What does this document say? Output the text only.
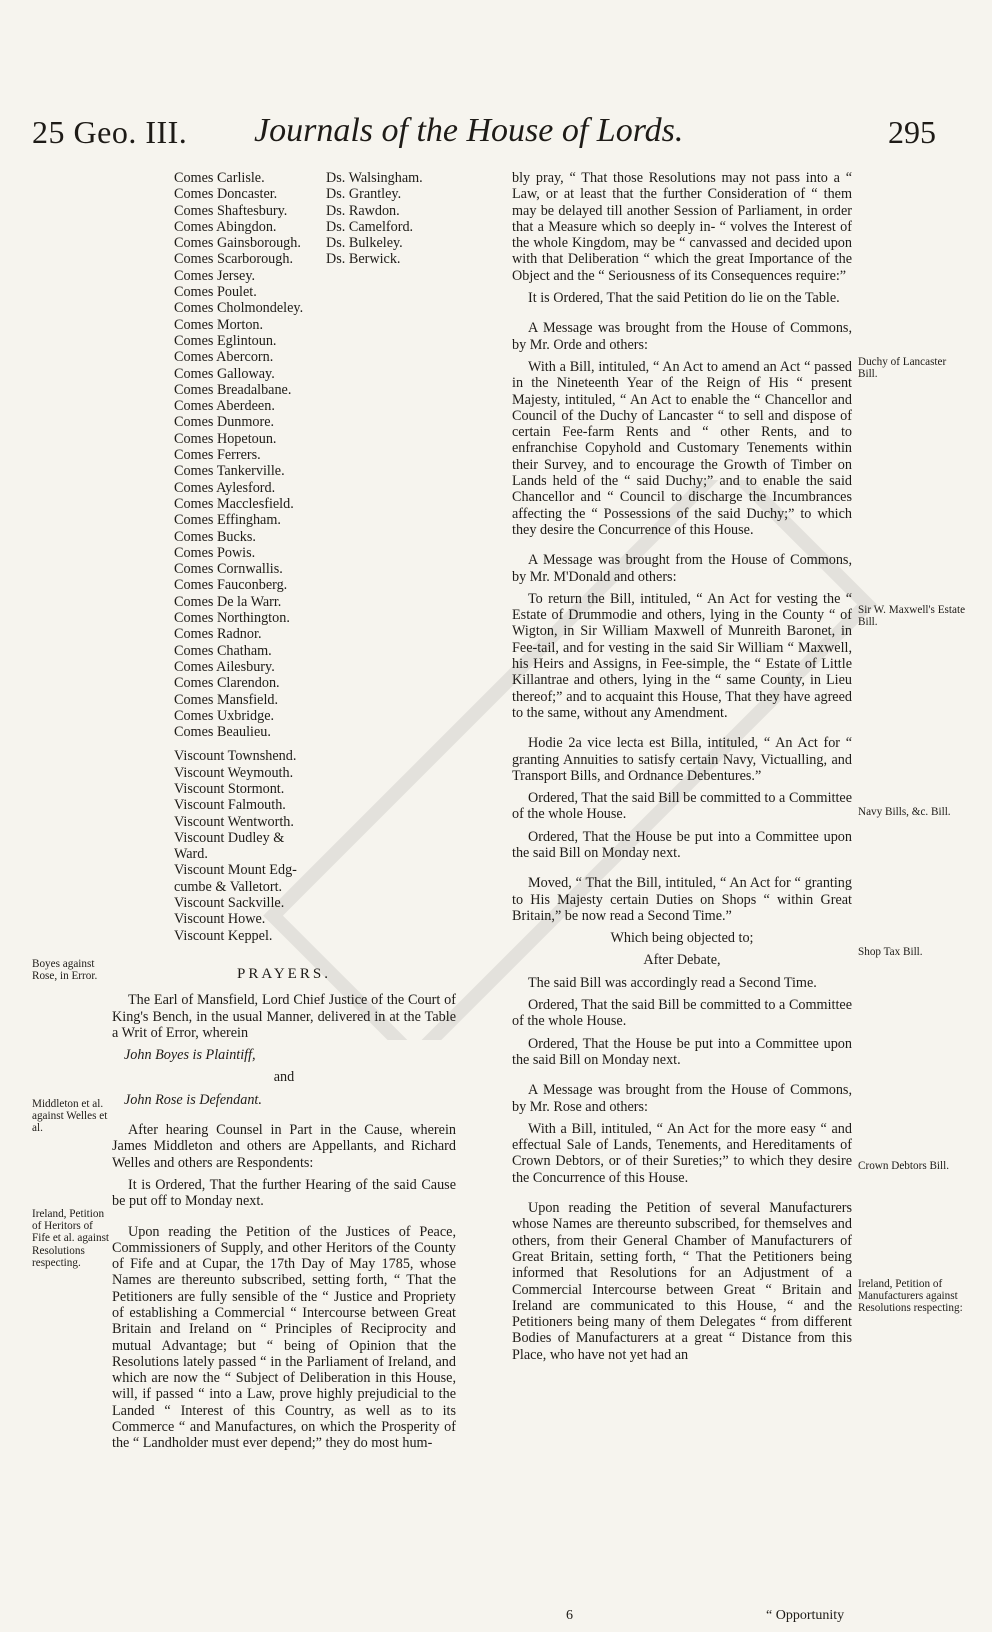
25 Geo. III. Journals of the House of Lords.	295
Comes Carlisle.
Comes Doncaster.
Comes Shaftesbury.
Comes Abingdon.
Comes Gainsborough.
Comes Scarborough.
Comes Jersey.
Comes Poulet.
Comes Cholmondeley.
Comes Morton.
Comes Eglintoun.
Comes Abercorn.
Comes Galloway.
Comes Breadalbane.
Comes Aberdeen.
Comes Dunmore.
Comes Hopetoun.
Comes Ferrers.
Comes Tankerville.
Comes Aylesford.
Comes Macclesfield.
Comes Effingham.
Comes Bucks.
Comes Powis.
Comes Cornwallis.
Comes Fauconberg.
Comes De la Warr.
Comes Northington.
Comes Radnor.
Comes Chatham.
Comes Ailesbury.
Comes Clarendon.
Comes Mansfield.
Comes Uxbridge.
Comes Beaulieu.
Ds. Walsingham.
Ds. Grantley.
Ds. Rawdon.
Ds. Camelford.
Ds. Bulkeley.
Ds. Berwick.
Viscount Townshend.
Viscount Weymouth.
Viscount Stormont.
Viscount Falmouth.
Viscount Wentworth.
Viscount Dudley &
Ward.
Viscount Mount Edg-
cumbe & Valletort.
Viscount Sackville.
Viscount Howe.
Viscount Keppel.
PRAYERS.

The Earl of Mansfield, Lord Chief Justice of the Court of King's Bench, in the usual Manner, delivered in at the Table a Writ of Error, wherein

John Boyes is Plaintiff,

and

John Rose is Defendant.

After hearing Counsel in Part in the Cause, wherein James Middleton and others are Appellants, and Richard Welles and others are Respondents:

It is Ordered, That the further Hearing of the said Cause be put off to Monday next.

Upon reading the Petition of the Justices of Peace, Commissioners of Supply, and other Heritors of the County of Fife and at Cupar, the 17th Day of May 1785, whose Names are thereunto subscribed, setting forth, “ That the Petitioners are fully sensible of the “ Justice and Propriety of establishing a Commercial “ Intercourse between Great Britain and Ireland on “ Principles of Reciprocity and mutual Advantage; but “ being of Opinion that the Resolutions lately passed “ in the Parliament of Ireland, and which are now the “ Subject of Deliberation in this House, will, if passed “ into a Law, prove highly prejudicial to the Landed “ Interest of this Country, as well as to its Commerce “ and Manufactures, on which the Prosperity of the “ Landholder must ever depend;” they do most hum-

Boyes against Rose, in Error.
Middleton et al. against Welles et al.
Ireland, Petition of Heritors of Fife et al. against Resolutions respecting.

bly pray, “ That those Resolutions may not pass into a “ Law, or at least that the further Consideration of “ them may be delayed till another Session of Parliament, in order that a Measure which so deeply in- “ volves the Interest of the whole Kingdom, may be “ canvassed and decided upon with that Deliberation “ which the great Importance of the Object and the “ Seriousness of its Consequences require:”

It is Ordered, That the said Petition do lie on the Table.

A Message was brought from the House of Commons, by Mr. Orde and others:

With a Bill, intituled, “ An Act to amend an Act “ passed in the Nineteenth Year of the Reign of His “ present Majesty, intituled, “ An Act to enable the “ Chancellor and Council of the Duchy of Lancaster “ to sell and dispose of certain Fee-farm Rents and “ other Rents, and to enfranchise Copyhold and Customary Tenements within their Survey, and to encourage the Growth of Timber on Lands held of the “ said Duchy;” and to enable the said Chancellor and “ Council to discharge the Incumbrances affecting the “ Possessions of the said Duchy;” to which they desire the Concurrence of this House.

A Message was brought from the House of Commons, by Mr. M'Donald and others:

To return the Bill, intituled, “ An Act for vesting the “ Estate of Drummodie and others, lying in the County “ of Wigton, in Sir William Maxwell of Munreith Baronet, in Fee-tail, and for vesting in the said Sir William “ Maxwell, his Heirs and Assigns, in Fee-simple, the “ Estate of Little Killantrae and others, lying in the “ same County, in Lieu thereof;” and to acquaint this House, That they have agreed to the same, without any Amendment.

Hodie 2a vice lecta est Billa, intituled, “ An Act for “ granting Annuities to satisfy certain Navy, Victualling, and Transport Bills, and Ordnance Debentures.”

Ordered, That the said Bill be committed to a Committee of the whole House.

Ordered, That the House be put into a Committee upon the said Bill on Monday next.

Moved, “ That the Bill, intituled, “ An Act for “ granting to His Majesty certain Duties on Shops “ within Great Britain,” be now read a Second Time.”

Which being objected to;

After Debate,

The said Bill was accordingly read a Second Time.

Ordered, That the said Bill be committed to a Committee of the whole House.

Ordered, That the House be put into a Committee upon the said Bill on Monday next.

A Message was brought from the House of Commons, by Mr. Rose and others:

With a Bill, intituled, “ An Act for the more easy “ and effectual Sale of Lands, Tenements, and Hereditaments of Crown Debtors, or of their Sureties;” to which they desire the Concurrence of this House.

Upon reading the Petition of several Manufacturers whose Names are thereunto subscribed, for themselves and others, from their General Chamber of Manufacturers of Great Britain, setting forth, “ That the Petitioners being informed that Resolutions for an Adjustment of a Commercial Intercourse between Great “ Britain and Ireland are communicated to this House, “ and the Petitioners being many of them Delegates “ from different Bodies of Manufacturers at a great “ Distance from this Place, who have not yet had an

Duchy of Lancaster Bill.
Sir W. Maxwell's Estate Bill.
Navy Bills, &c. Bill.
Shop Tax Bill.
Crown Debtors Bill.
Ireland, Petition of Manufacturers against Resolutions respecting:
6	“ Opportunity
